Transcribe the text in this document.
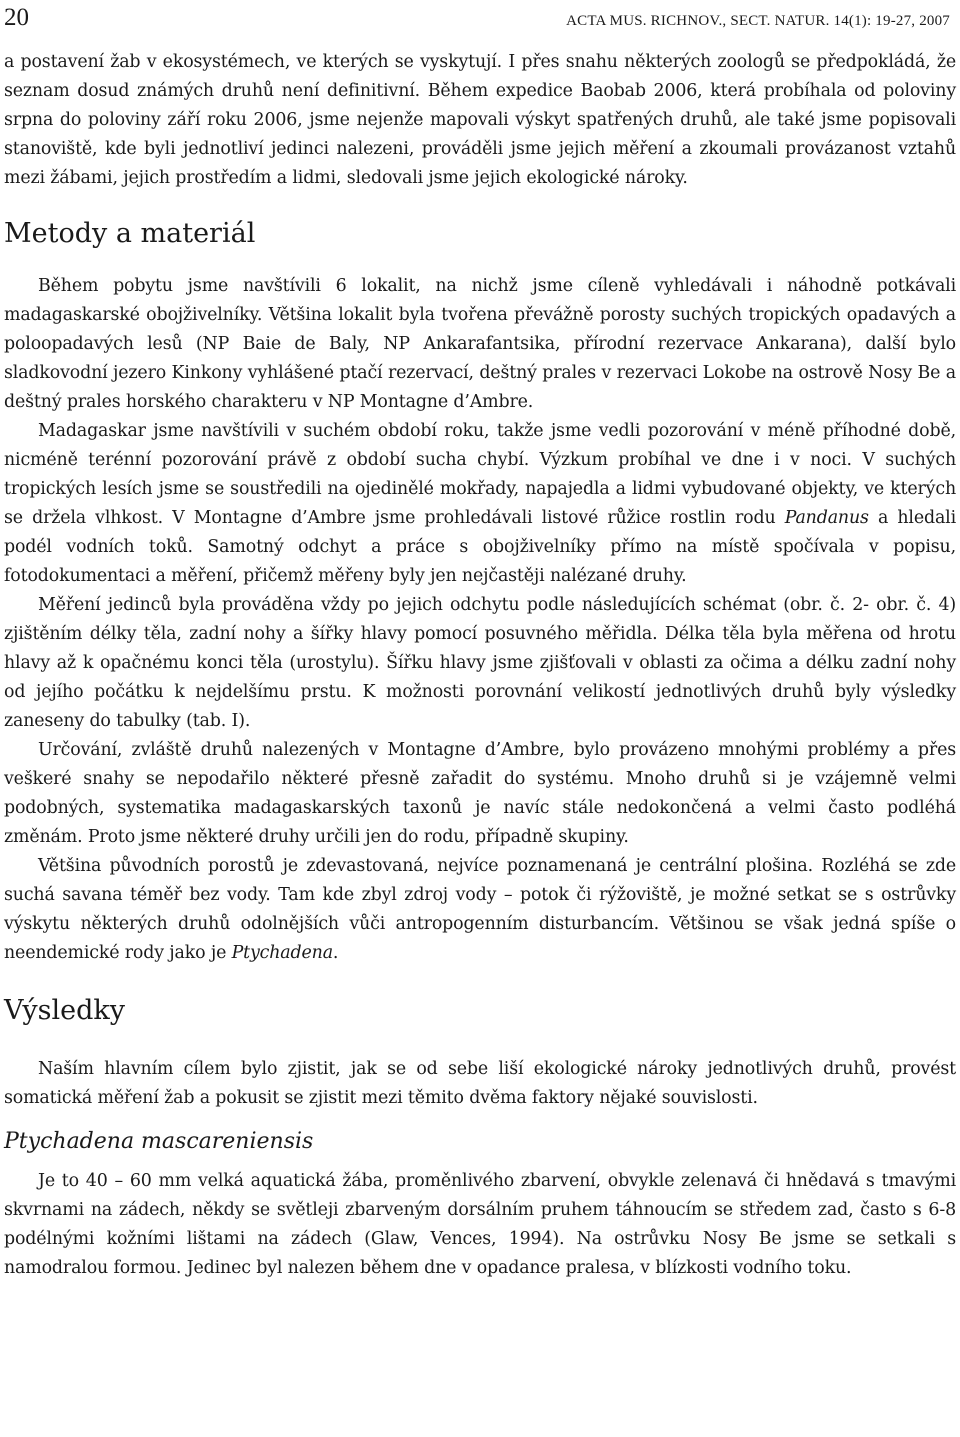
20	ACTA MUS. RICHNOV., SECT. NATUR. 14(1): 19-27, 2007

a postavení žab v ekosystémech, ve kterých se vyskytují. I přes snahu některých zoologů se předpokládá, že seznam dosud známých druhů není definitivní. Během expedice Baobab 2006, která probíhala od poloviny srpna do poloviny září roku 2006, jsme nejenže mapovali výskyt spatřených druhů, ale také jsme popisovali stanoviště, kde byli jednotliví jedinci nalezeni, prováděli jsme jejich měření a zkoumali provázanost vztahů mezi žábami, jejich prostředím a lidmi, sledovali jsme jejich ekologické nároky.

Metody a materiál

Během pobytu jsme navštívili 6 lokalit, na nichž jsme cíleně vyhledávali i náhodně potkávali madagaskarské obojživelníky. Většina lokalit byla tvořena převážně porosty suchých tropických opadavých a poloopadavých lesů (NP Baie de Baly, NP Ankarafantsika, přírodní rezervace Ankarana), další bylo sladkovodní jezero Kinkony vyhlášené ptačí rezervací, deštný prales v rezervaci Lokobe na ostrově Nosy Be a deštný prales horského charakteru v NP Montagne d’Ambre.

Madagaskar jsme navštívili v suchém období roku, takže jsme vedli pozorování v méně příhodné době, nicméně terénní pozorování právě z období sucha chybí. Výzkum probíhal ve dne i v noci. V suchých tropických lesích jsme se soustředili na ojedinělé mokřady, napajedla a lidmi vybudované objekty, ve kterých se držela vlhkost. V Montagne d’Ambre jsme prohledávali listové růžice rostlin rodu Pandanus a hledali podél vodních toků. Samotný odchyt a práce s obojživelníky přímo na místě spočívala v popisu, fotodokumentaci a měření, přičemž měřeny byly jen nejčastěji nalézané druhy.

Měření jedinců byla prováděna vždy po jejich odchytu podle následujících schémat (obr. č. 2- obr. č. 4) zjištěním délky těla, zadní nohy a šířky hlavy pomocí posuvného měřidla. Délka těla byla měřena od hrotu hlavy až k opačnému konci těla (urostylu). Šířku hlavy jsme zjišťovali v oblasti za očima a délku zadní nohy od jejího počátku k nejdelšímu prstu. K možnosti porovnání velikostí jednotlivých druhů byly výsledky zaneseny do tabulky (tab. I).

Určování, zvláště druhů nalezených v Montagne d’Ambre, bylo provázeno mnohými problémy a přes veškeré snahy se nepodařilo některé přesně zařadit do systému. Mnoho druhů si je vzájemně velmi podobných, systematika madagaskarských taxonů je navíc stále nedokončená a velmi často podléhá změnám. Proto jsme některé druhy určili jen do rodu, případně skupiny.

Většina původních porostů je zdevastovaná, nejvíce poznamenaná je centrální plošina. Rozléhá se zde suchá savana téměř bez vody. Tam kde zbyl zdroj vody – potok či rýžoviště, je možné setkat se s ostrůvky výskytu některých druhů odolnějších vůči antropogenním disturbancím. Většinou se však jedná spíše o neendemické rody jako je Ptychadena.

Výsledky

Naším hlavním cílem bylo zjistit, jak se od sebe liší ekologické nároky jednotlivých druhů, provést somatická měření žab a pokusit se zjistit mezi těmito dvěma faktory nějaké souvislosti.

Ptychadena mascareniensis

Je to 40 – 60 mm velká aquatická žába, proměnlivého zbarvení, obvykle zelenavá či hnědavá s tmavými skvrnami na zádech, někdy se světleji zbarveným dorsálním pruhem táhnoucím se středem zad, často s 6-8 podélnými kožními lištami na zádech (Glaw, Vences, 1994). Na ostrůvku Nosy Be jsme se setkali s namodralou formou. Jedinec byl nalezen během dne v opadance pralesa, v blízkosti vodního toku.
